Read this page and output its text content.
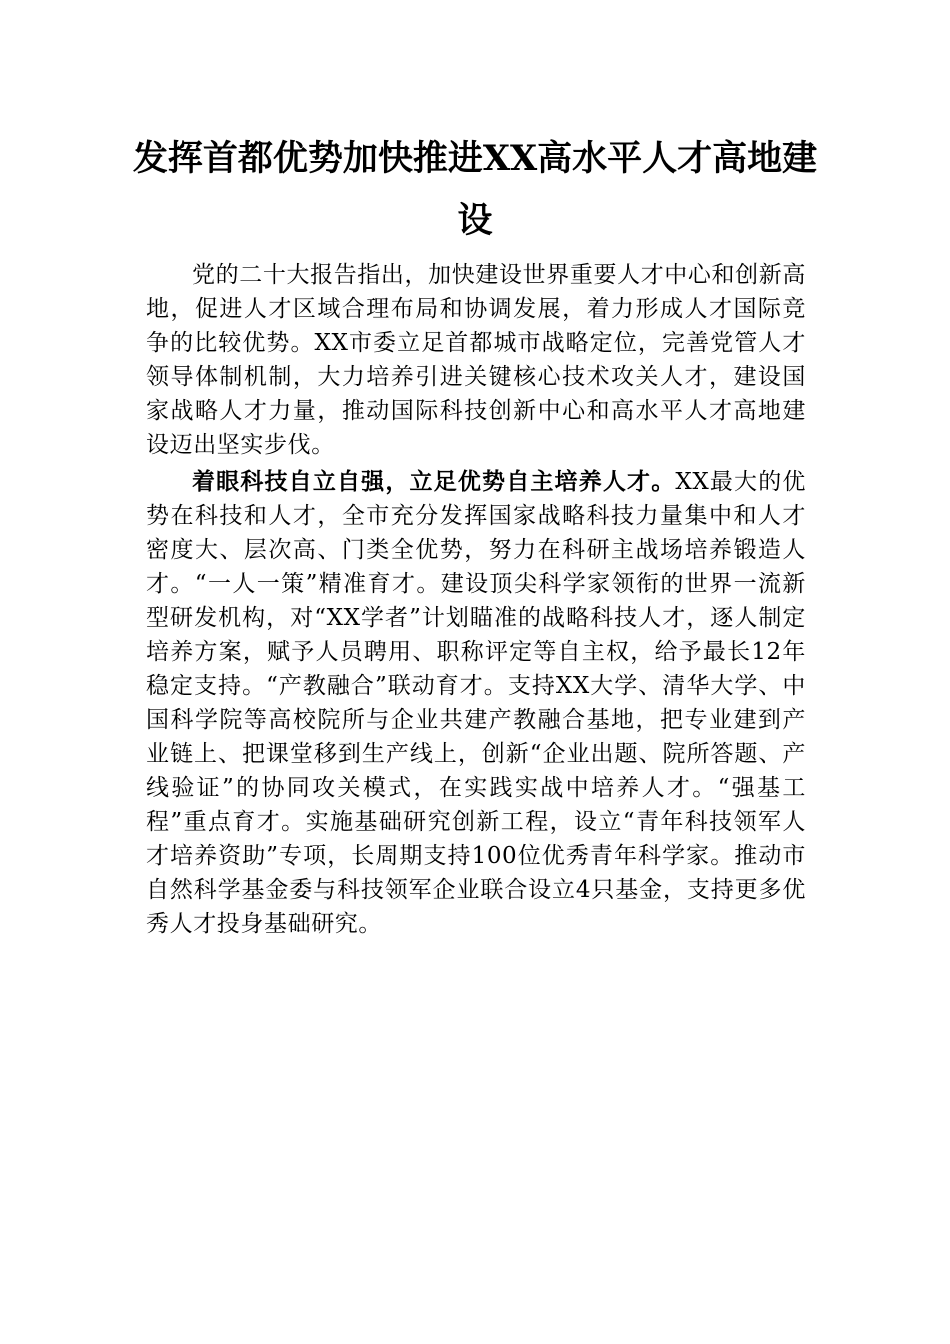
发挥首都优势加快推进XX高水平人才高地建设

党的二十大报告指出，加快建设世界重要人才中心和创新高地，促进人才区域合理布局和协调发展，着力形成人才国际竞争的比较优势。XX市委立足首都城市战略定位，完善党管人才领导体制机制，大力培养引进关键核心技术攻关人才，建设国家战略人才力量，推动国际科技创新中心和高水平人才高地建设迈出坚实步伐。

着眼科技自立自强，立足优势自主培养人才。XX最大的优势在科技和人才，全市充分发挥国家战略科技力量集中和人才密度大、层次高、门类全优势，努力在科研主战场培养锻造人才。“一人一策”精准育才。建设顶尖科学家领衔的世界一流新型研发机构，对“XX学者”计划瞄准的战略科技人才，逐人制定培养方案，赋予人员聘用、职称评定等自主权，给予最长12年稳定支持。“产教融合”联动育才。支持XX大学、清华大学、中国科学院等高校院所与企业共建产教融合基地，把专业建到产业链上、把课堂移到生产线上，创新“企业出题、院所答题、产线验证”的协同攻关模式，在实践实战中培养人才。“强基工程”重点育才。实施基础研究创新工程，设立“青年科技领军人才培养资助”专项，长周期支持100位优秀青年科学家。推动市自然科学基金委与科技领军企业联合设立4只基金，支持更多优秀人才投身基础研究。
